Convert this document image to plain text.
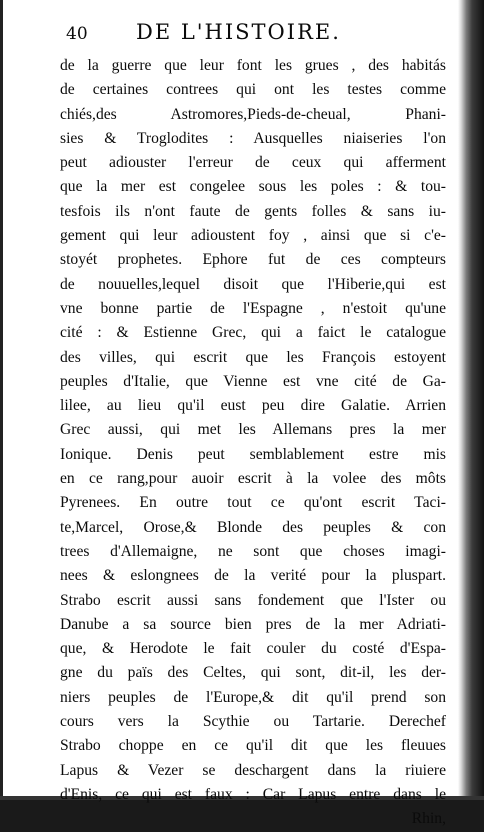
40 DE L'HISTOIRE.
de la guerre que leur font les grues , des habitás
de certaines contrees qui ont les testes comme
chiés,des Astromores,Pieds-de-cheual, Phani-
sies & Troglodites : Ausquelles niaiseries l'on
peut adiouster l'erreur de ceux qui afferment
que la mer est congelee sous les poles : & tou-
tesfois ils n'ont faute de gents folles & sans iu-
gement qui leur adioustent foy , ainsi que si c'e-
stoyét prophetes. Ephore fut de ces compteurs
de nouuelles,lequel disoit que l'Hiberie,qui est
vne bonne partie de l'Espagne , n'estoit qu'une
cité : & Estienne Grec, qui a faict le catalogue
des villes, qui escrit que les François estoyent
peuples d'Italie, que Vienne est vne cité de Ga-
lilee, au lieu qu'il eust peu dire Galatie. Arrien
Grec aussi, qui met les Allemans pres la mer
Ionique. Denis peut semblablement estre mis
en ce rang,pour auoir escrit à la volee des môts
Pyrenees. En outre tout ce qu'ont escrit Taci-
te,Marcel, Orose,& Blonde des peuples & con
trees d'Allemaigne, ne sont que choses imagi-
nees & eslongnees de la verité pour la pluspart.
Strabo escrit aussi sans fondement que l'Ister ou
Danube a sa source bien pres de la mer Adriati-
que, & Herodote le fait couler du costé d'Espa-
gne du païs des Celtes, qui sont, dit-il, les der-
niers peuples de l'Europe,& dit qu'il prend son
cours vers la Scythie ou Tartarie. Derechef
Strabo choppe en ce qu'il dit que les fleuues
Lapus & Vezer se deschargent dans la riuiere
d'Enis, ce qui est faux : Car Lapus entre dans le
Rhin,
